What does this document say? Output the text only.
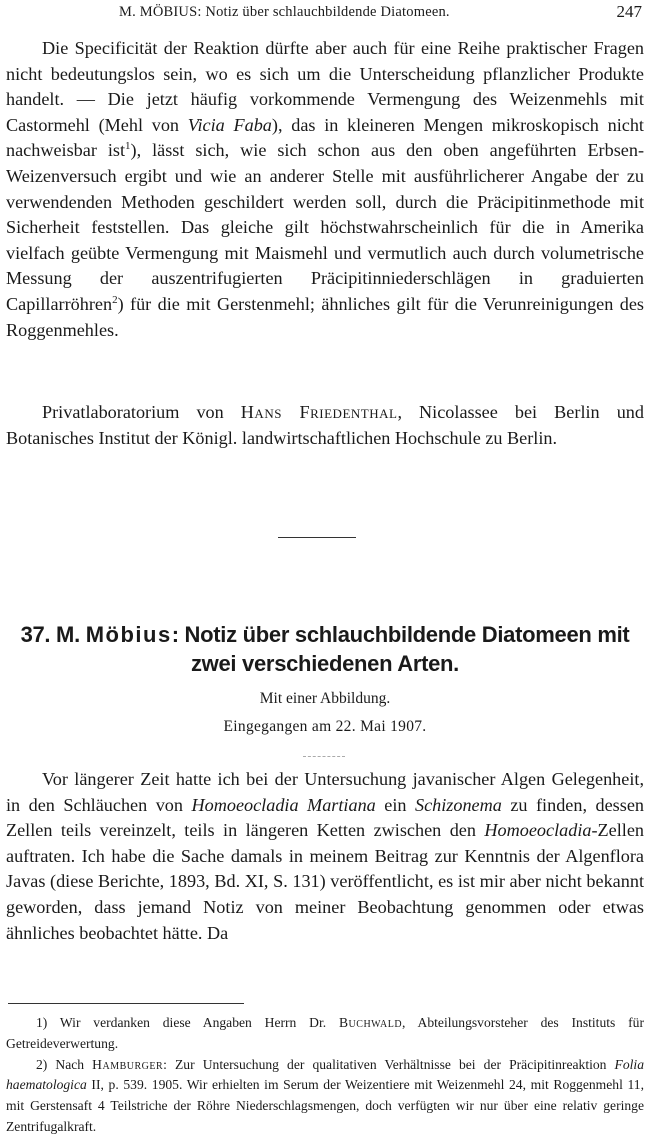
M. MÖBIUS: Notiz über schlauchbildende Diatomeen.	247

Die Specificität der Reaktion dürfte aber auch für eine Reihe praktischer Fragen nicht bedeutungslos sein, wo es sich um die Unterscheidung pflanzlicher Produkte handelt. — Die jetzt häufig vorkommende Vermengung des Weizenmehls mit Castormehl (Mehl von Vicia Faba), das in kleineren Mengen mikroskopisch nicht nachweisbar ist$^1$), lässt sich, wie sich schon aus den oben angeführten Erbsen-Weizenversuch ergibt und wie an anderer Stelle mit ausführlicherer Angabe der zu verwendenden Methoden geschildert werden soll, durch die Präcipitinmethode mit Sicherheit feststellen. Das gleiche gilt höchstwahrscheinlich für die in Amerika vielfach geübte Vermengung mit Maismehl und vermutlich auch durch volumetrische Messung der auszentrifugierten Präcipitinniederschlägen in graduierten Capillarröhren$^2$) für die mit Gerstenmehl; ähnliches gilt für die Verunreinigungen des Roggenmehles.

Privatlaboratorium von Hans Friedenthal, Nicolassee bei Berlin und Botanisches Institut der Königl. landwirtschaftlichen Hochschule zu Berlin.

37. M. Möbius: Notiz über schlauchbildende Diatomeen mit
zwei verschiedenen Arten.
Mit einer Abbildung.
Eingegangen am 22. Mai 1907.

Vor längerer Zeit hatte ich bei der Untersuchung javanischer Algen Gelegenheit, in den Schläuchen von Homoeocladia Martiana ein Schizonema zu finden, dessen Zellen teils vereinzelt, teils in längeren Ketten zwischen den Homoeocladia-Zellen auftraten. Ich habe die Sache damals in meinem Beitrag zur Kenntnis der Algenflora Javas (diese Berichte, 1893, Bd. XI, S. 131) veröffentlicht, es ist mir aber nicht bekannt geworden, dass jemand Notiz von meiner Beobachtung genommen oder etwas ähnliches beobachtet hätte. Da

1) Wir verdanken diese Angaben Herrn Dr. Buchwald, Abteilungsvorsteher des Instituts für Getreideverwertung.

2) Nach Hamburger: Zur Untersuchung der qualitativen Verhältnisse bei der Präcipitinreaktion Folia haematologica II, p. 539. 1905. Wir erhielten im Serum der Weizentiere mit Weizenmehl 24, mit Roggenmehl 11, mit Gerstensaft 4 Teilstriche der Röhre Niederschlagsmengen, doch verfügten wir nur über eine relativ geringe Zentrifugalkraft.
